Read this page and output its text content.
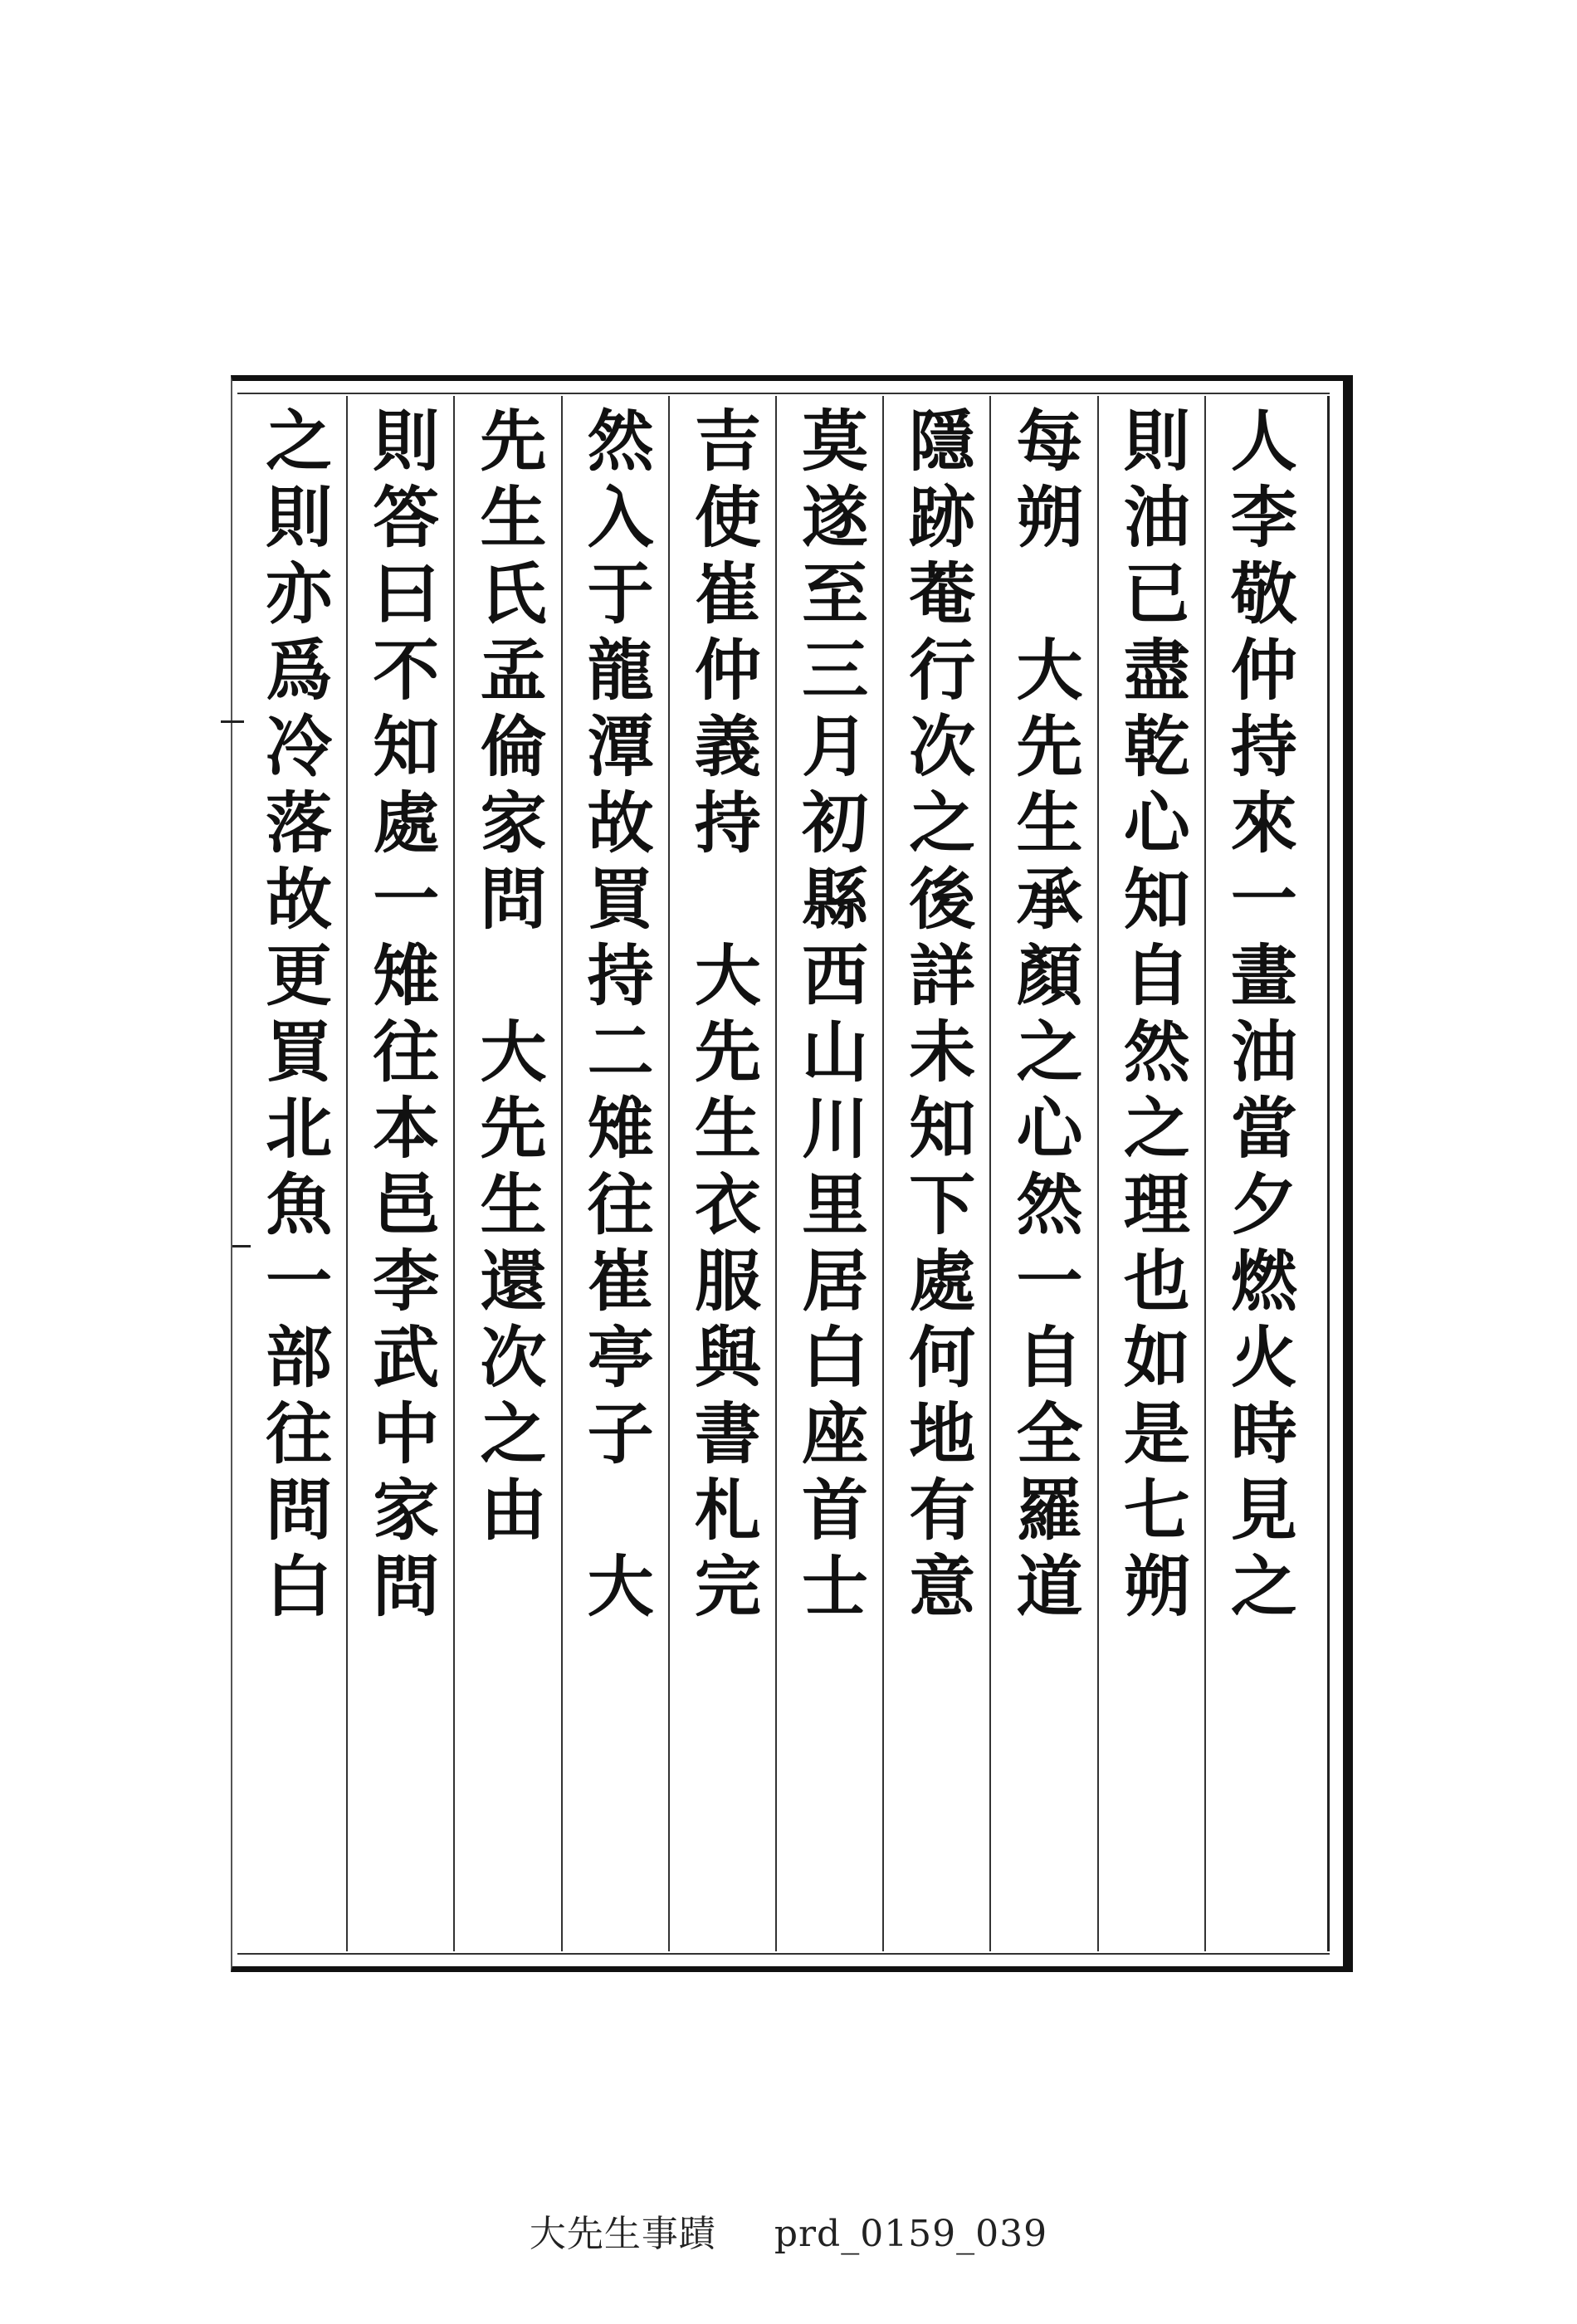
人李敬仲持來一畫油當夕燃火時見之
則油已盡乾心知自然之理也如是七朔
每朔　大先生承顏之心然一自全羅道
隱跡菴行次之後詳未知下處何地有意
莫遂至三月初縣西山川里居白座首士
吉使崔仲義持　大先生衣服與書札完
然入于龍潭故買持二雉往崔亭子　大
先生氏孟倫家問　大先生還次之由
則答曰不知處一雉往本邑李武中家問
之則亦爲冷落故更買北魚一部往問白
大先生事蹟 prd_0159_039
